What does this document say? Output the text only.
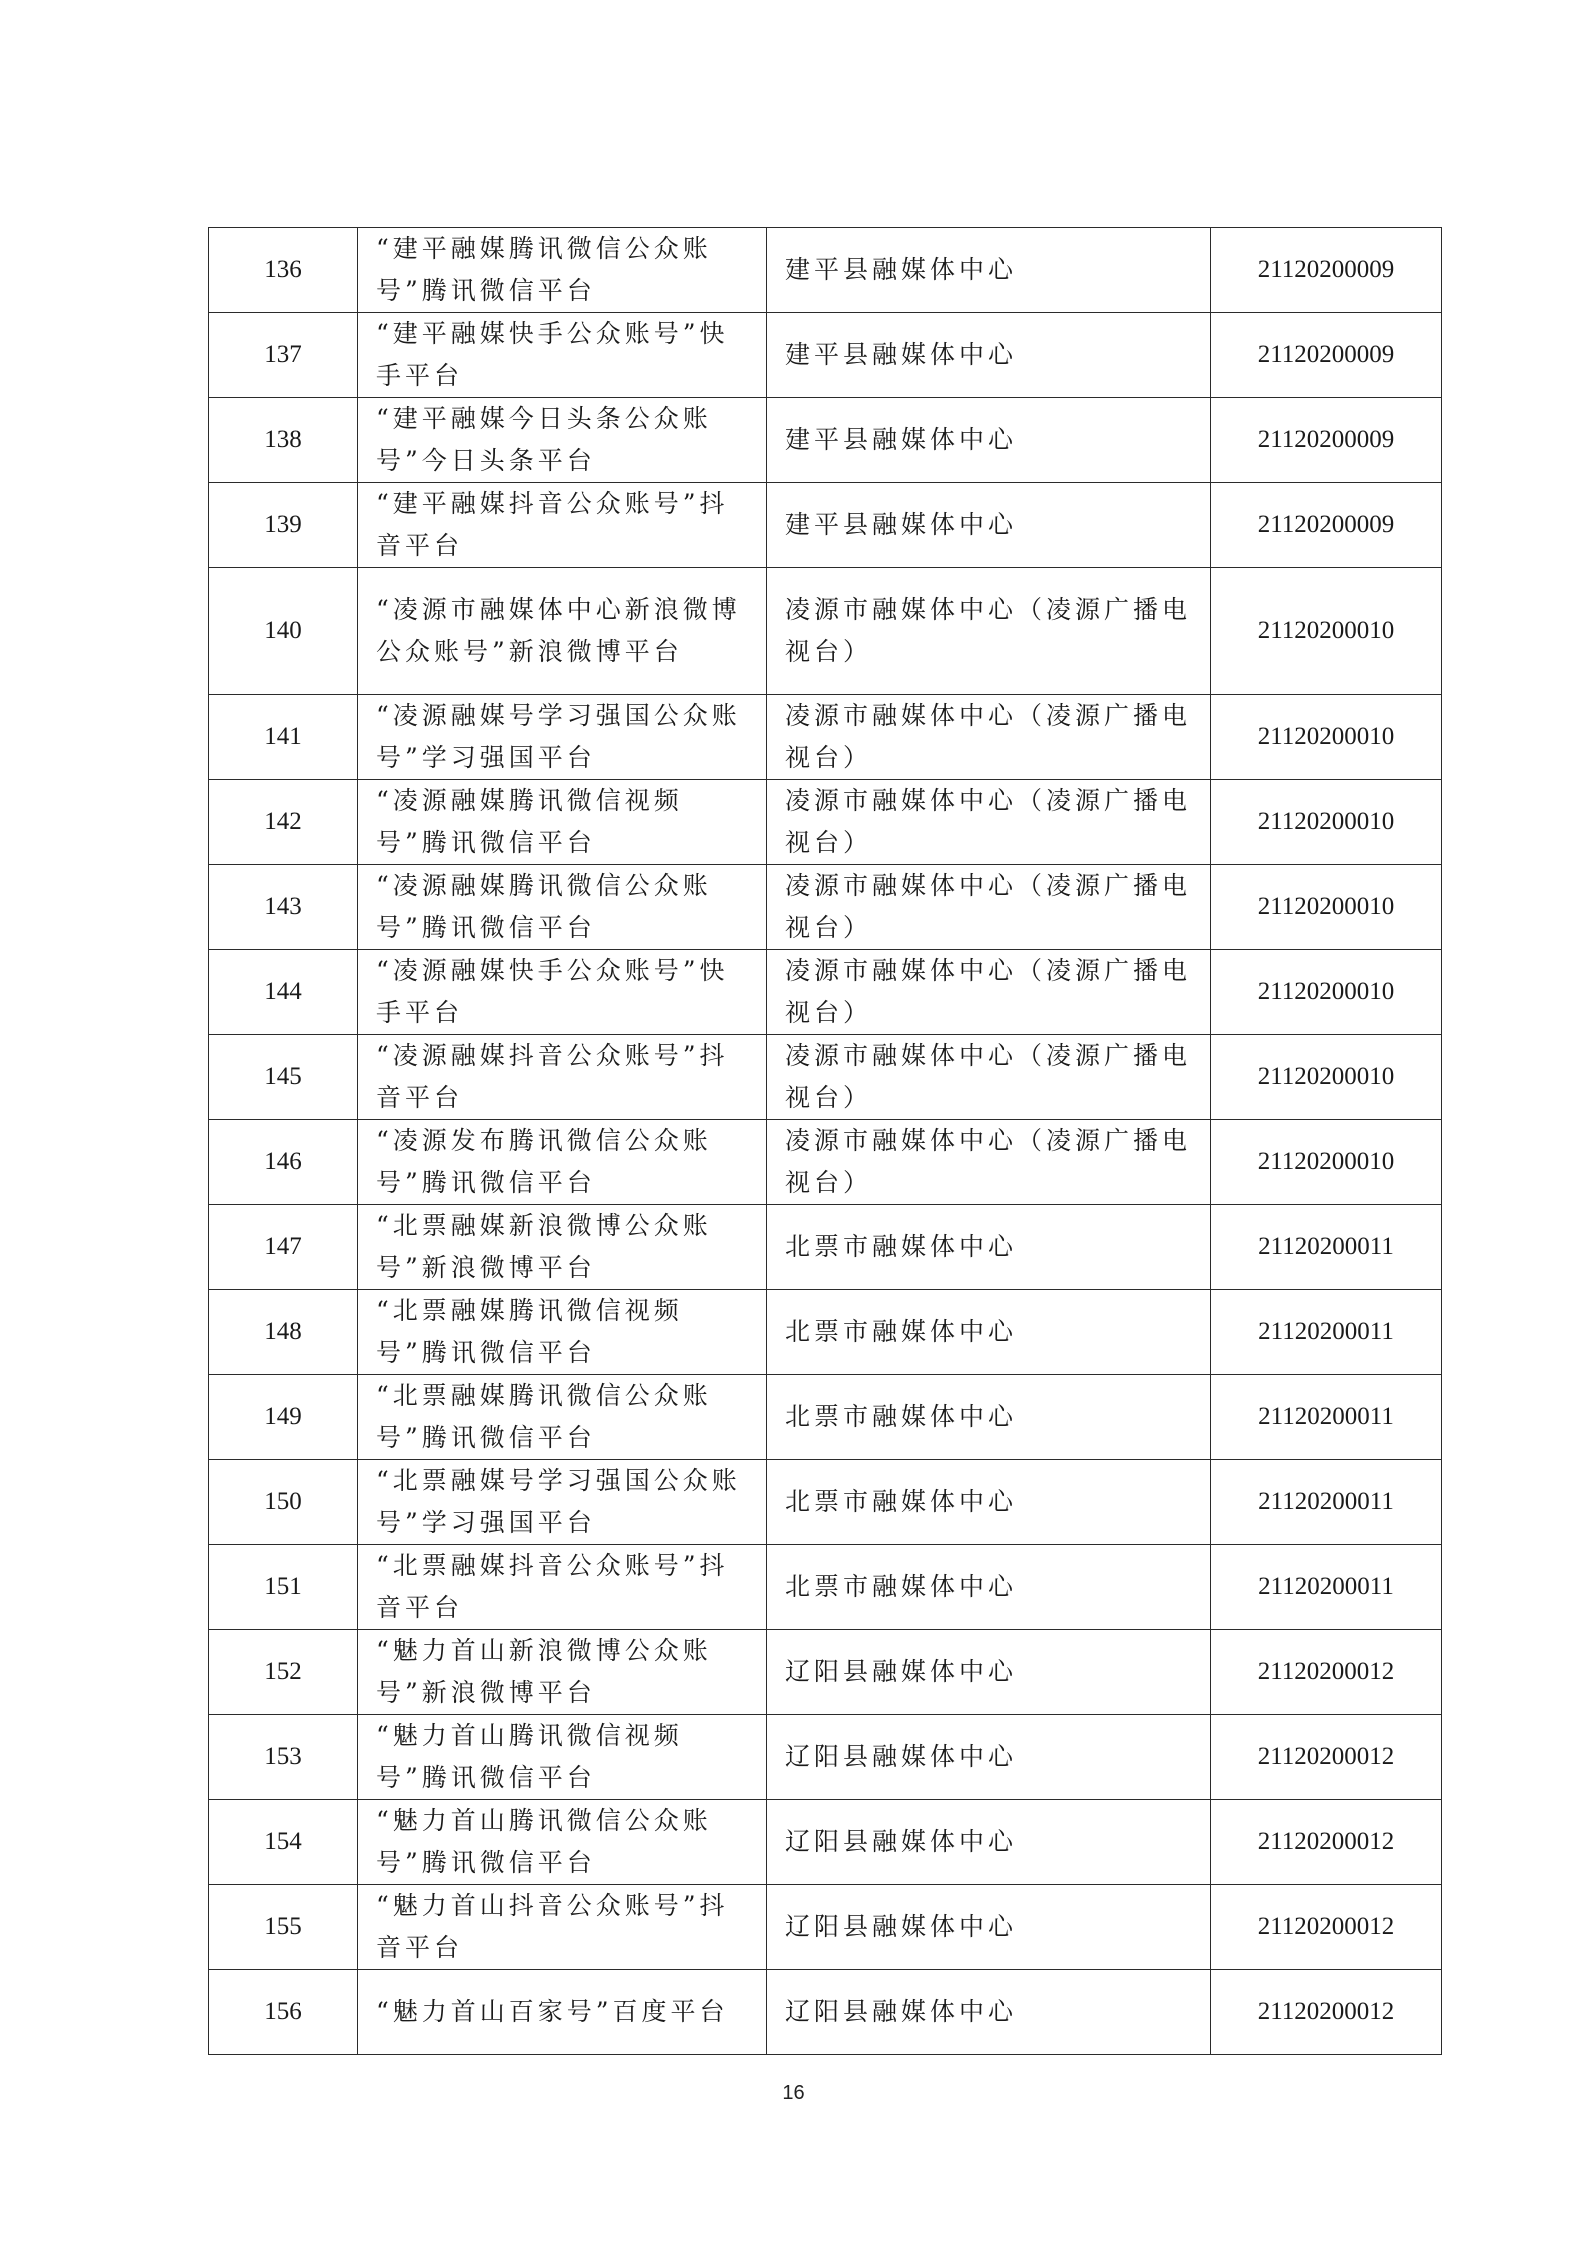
136	“建平融媒腾讯微信公众账号”腾讯微信平台	建平县融媒体中心	21120200009
137	“建平融媒快手公众账号”快手平台	建平县融媒体中心	21120200009
138	“建平融媒今日头条公众账号”今日头条平台	建平县融媒体中心	21120200009
139	“建平融媒抖音公众账号”抖音平台	建平县融媒体中心	21120200009
140	“凌源市融媒体中心新浪微博公众账号”新浪微博平台	凌源市融媒体中心（凌源广播电视台）	21120200010
141	“凌源融媒号学习强国公众账号”学习强国平台	凌源市融媒体中心（凌源广播电视台）	21120200010
142	“凌源融媒腾讯微信视频号”腾讯微信平台	凌源市融媒体中心（凌源广播电视台）	21120200010
143	“凌源融媒腾讯微信公众账号”腾讯微信平台	凌源市融媒体中心（凌源广播电视台）	21120200010
144	“凌源融媒快手公众账号”快手平台	凌源市融媒体中心（凌源广播电视台）	21120200010
145	“凌源融媒抖音公众账号”抖音平台	凌源市融媒体中心（凌源广播电视台）	21120200010
146	“凌源发布腾讯微信公众账号”腾讯微信平台	凌源市融媒体中心（凌源广播电视台）	21120200010
147	“北票融媒新浪微博公众账号”新浪微博平台	北票市融媒体中心	21120200011
148	“北票融媒腾讯微信视频号”腾讯微信平台	北票市融媒体中心	21120200011
149	“北票融媒腾讯微信公众账号”腾讯微信平台	北票市融媒体中心	21120200011
150	“北票融媒号学习强国公众账号”学习强国平台	北票市融媒体中心	21120200011
151	“北票融媒抖音公众账号”抖音平台	北票市融媒体中心	21120200011
152	“魅力首山新浪微博公众账号”新浪微博平台	辽阳县融媒体中心	21120200012
153	“魅力首山腾讯微信视频号”腾讯微信平台	辽阳县融媒体中心	21120200012
154	“魅力首山腾讯微信公众账号”腾讯微信平台	辽阳县融媒体中心	21120200012
155	“魅力首山抖音公众账号”抖音平台	辽阳县融媒体中心	21120200012
156	“魅力首山百家号”百度平台	辽阳县融媒体中心	21120200012
16
